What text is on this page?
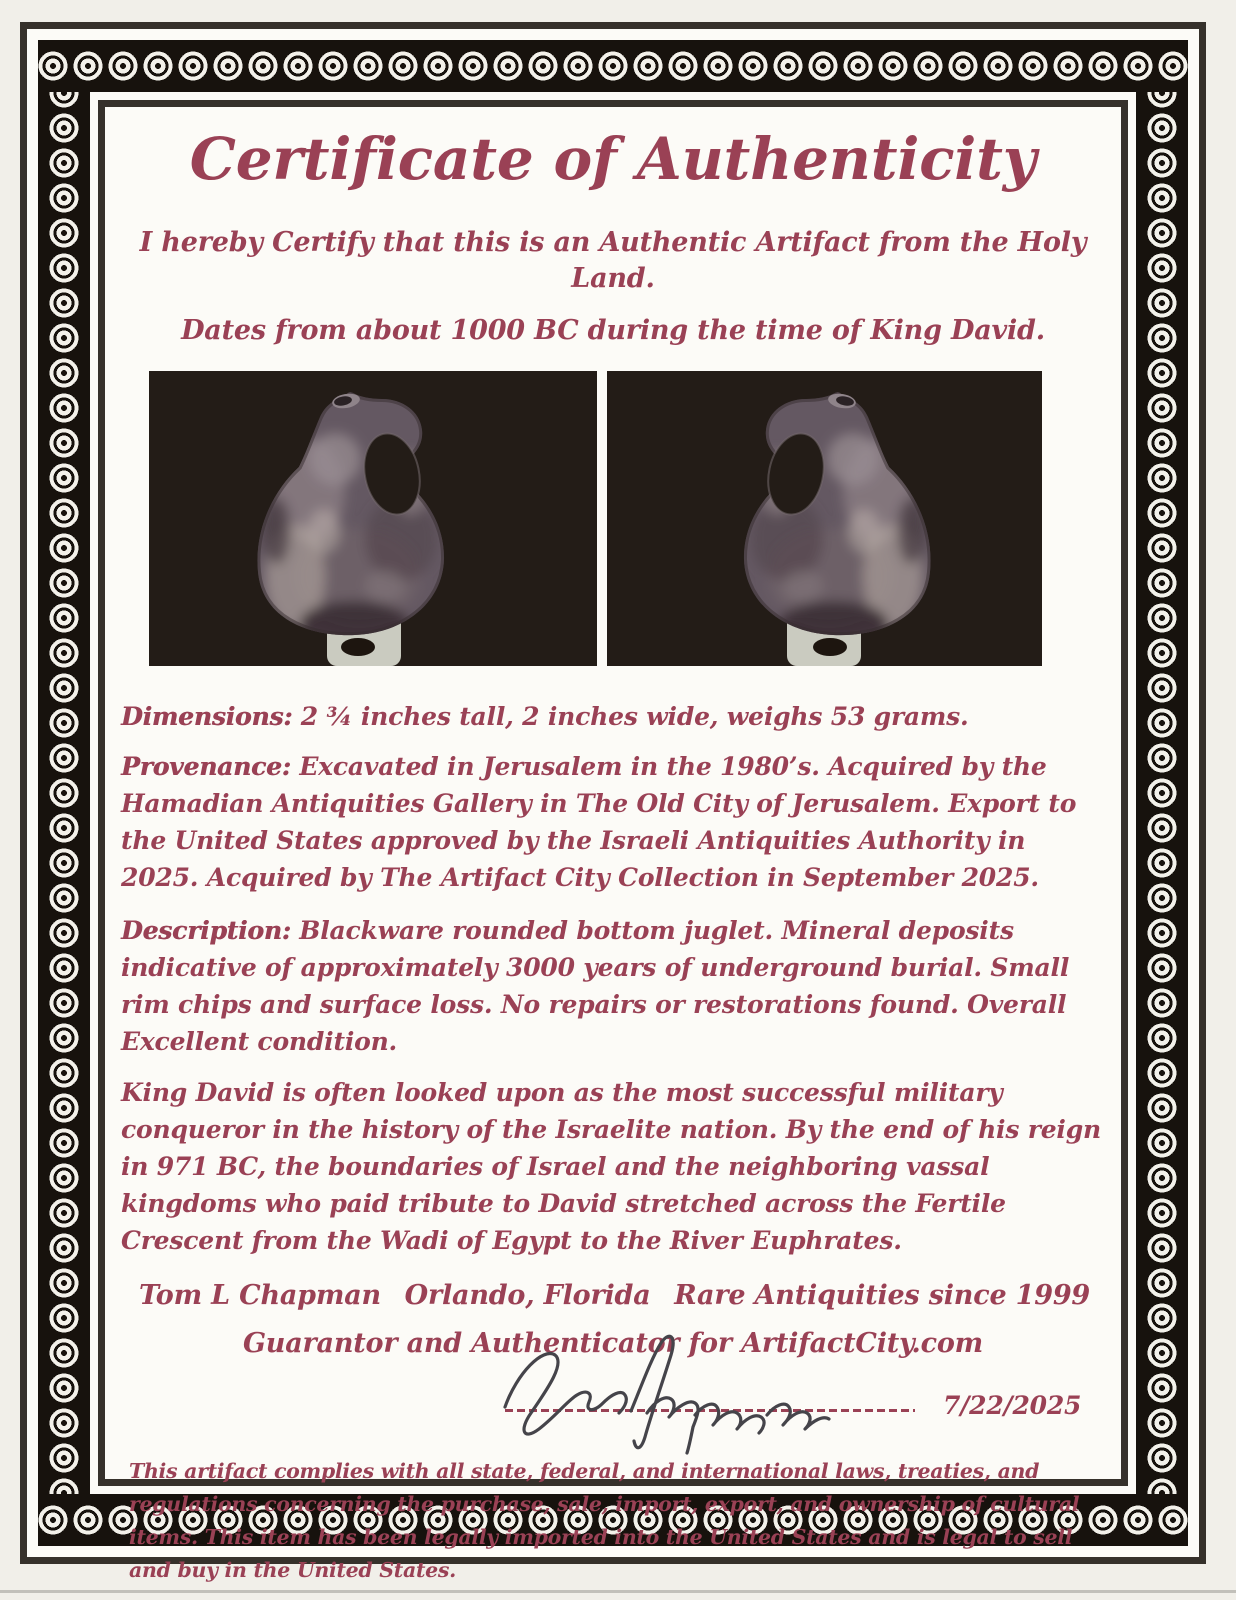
Certificate of Authenticity

I hereby Certify that this is an Authentic Artifact from the Holy Land.

Dates from about 1000 BC during the time of King David.

Dimensions: 2 ¾ inches tall, 2 inches wide, weighs 53 grams.

Provenance: Excavated in Jerusalem in the 1980’s. Acquired by the Hamadian Antiquities Gallery in The Old City of Jerusalem. Export to the United States approved by the Israeli Antiquities Authority in 2025. Acquired by The Artifact City Collection in September 2025.

Description: Blackware rounded bottom juglet. Mineral deposits indicative of approximately 3000 years of underground burial. Small rim chips and surface loss. No repairs or restorations found. Overall Excellent condition.

King David is often looked upon as the most successful military conqueror in the history of the Israelite nation. By the end of his reign in 971 BC, the boundaries of Israel and the neighboring vassal kingdoms who paid tribute to David stretched across the Fertile Crescent from the Wadi of Egypt to the River Euphrates.

Tom L Chapman Orlando, Florida Rare Antiquities since 1999

Guarantor and Authenticator for ArtifactCity.com

7/22/2025

This artifact complies with all state, federal, and international laws, treaties, and regulations concerning the purchase, sale, import, export, and ownership of cultural items. This item has been legally imported into the United States and is legal to sell and buy in the United States.
